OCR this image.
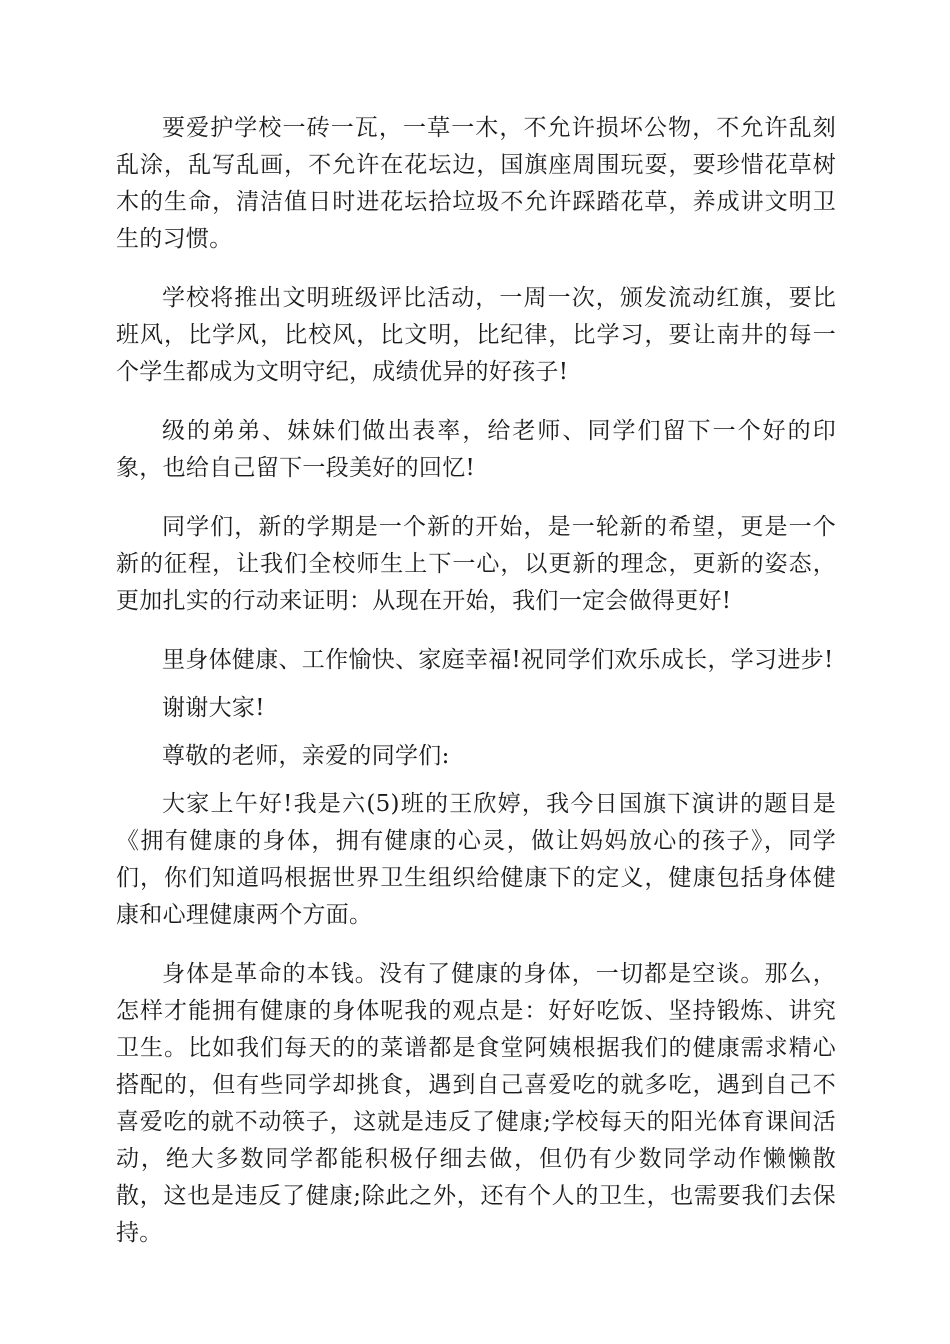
要爱护学校一砖一瓦，一草一木，不允许损坏公物，不允许乱刻乱涂，乱写乱画，不允许在花坛边，国旗座周围玩耍，要珍惜花草树木的生命，清洁值日时进花坛拾垃圾不允许踩踏花草，养成讲文明卫生的习惯。

学校将推出文明班级评比活动，一周一次，颁发流动红旗，要比班风，比学风，比校风，比文明，比纪律，比学习，要让南井的每一个学生都成为文明守纪，成绩优异的好孩子!

级的弟弟、妹妹们做出表率，给老师、同学们留下一个好的印象，也给自己留下一段美好的回忆!

同学们，新的学期是一个新的开始，是一轮新的希望，更是一个新的征程，让我们全校师生上下一心，以更新的理念，更新的姿态，更加扎实的行动来证明：从现在开始，我们一定会做得更好!

里身体健康、工作愉快、家庭幸福!祝同学们欢乐成长，学习进步!

谢谢大家!

尊敬的老师，亲爱的同学们:

大家上午好!我是六(5)班的王欣婷，我今日国旗下演讲的题目是《拥有健康的身体，拥有健康的心灵，做让妈妈放心的孩子》，同学们，你们知道吗根据世界卫生组织给健康下的定义，健康包括身体健康和心理健康两个方面。

身体是革命的本钱。没有了健康的身体，一切都是空谈。那么，怎样才能拥有健康的身体呢我的观点是：好好吃饭、坚持锻炼、讲究卫生。比如我们每天的的菜谱都是食堂阿姨根据我们的健康需求精心搭配的，但有些同学却挑食，遇到自己喜爱吃的就多吃，遇到自己不喜爱吃的就不动筷子，这就是违反了健康;学校每天的阳光体育课间活动，绝大多数同学都能积极仔细去做，但仍有少数同学动作懒懒散散，这也是违反了健康;除此之外，还有个人的卫生，也需要我们去保持。
